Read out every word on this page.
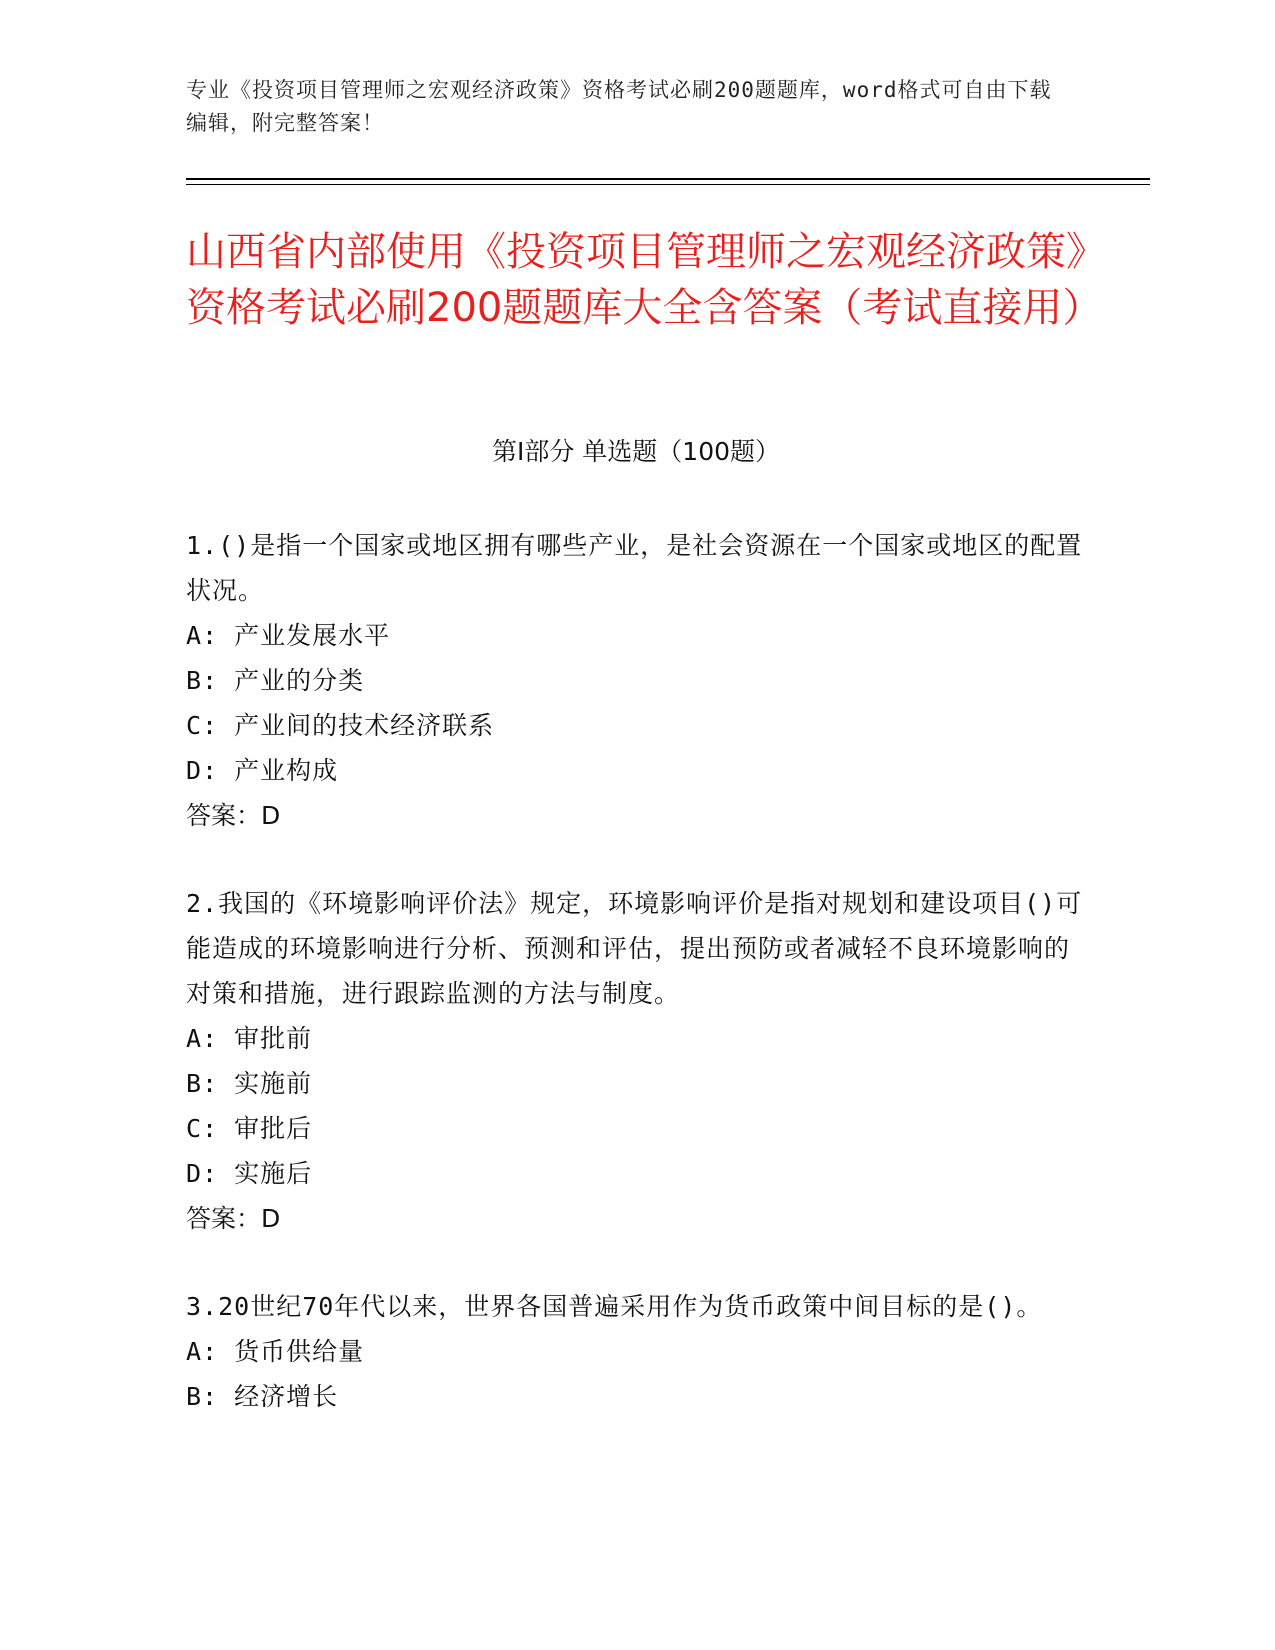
专业《投资项目管理师之宏观经济政策》资格考试必刷200题题库，word格式可自由下载编辑，附完整答案！
山西省内部使用《投资项目管理师之宏观经济政策》资格考试必刷200题题库大全含答案（考试直接用）
第Ⅰ部分 单选题（100题）

1.()是指一个国家或地区拥有哪些产业，是社会资源在一个国家或地区的配置状况。

A: 产业发展水平

B: 产业的分类

C: 产业间的技术经济联系

D: 产业构成

答案：D

2.我国的《环境影响评价法》规定，环境影响评价是指对规划和建设项目()可能造成的环境影响进行分析、预测和评估，提出预防或者减轻不良环境影响的对策和措施，进行跟踪监测的方法与制度。

A: 审批前

B: 实施前

C: 审批后

D: 实施后

答案：D

3.20世纪70年代以来，世界各国普遍采用作为货币政策中间目标的是()。

A: 货币供给量

B: 经济增长
